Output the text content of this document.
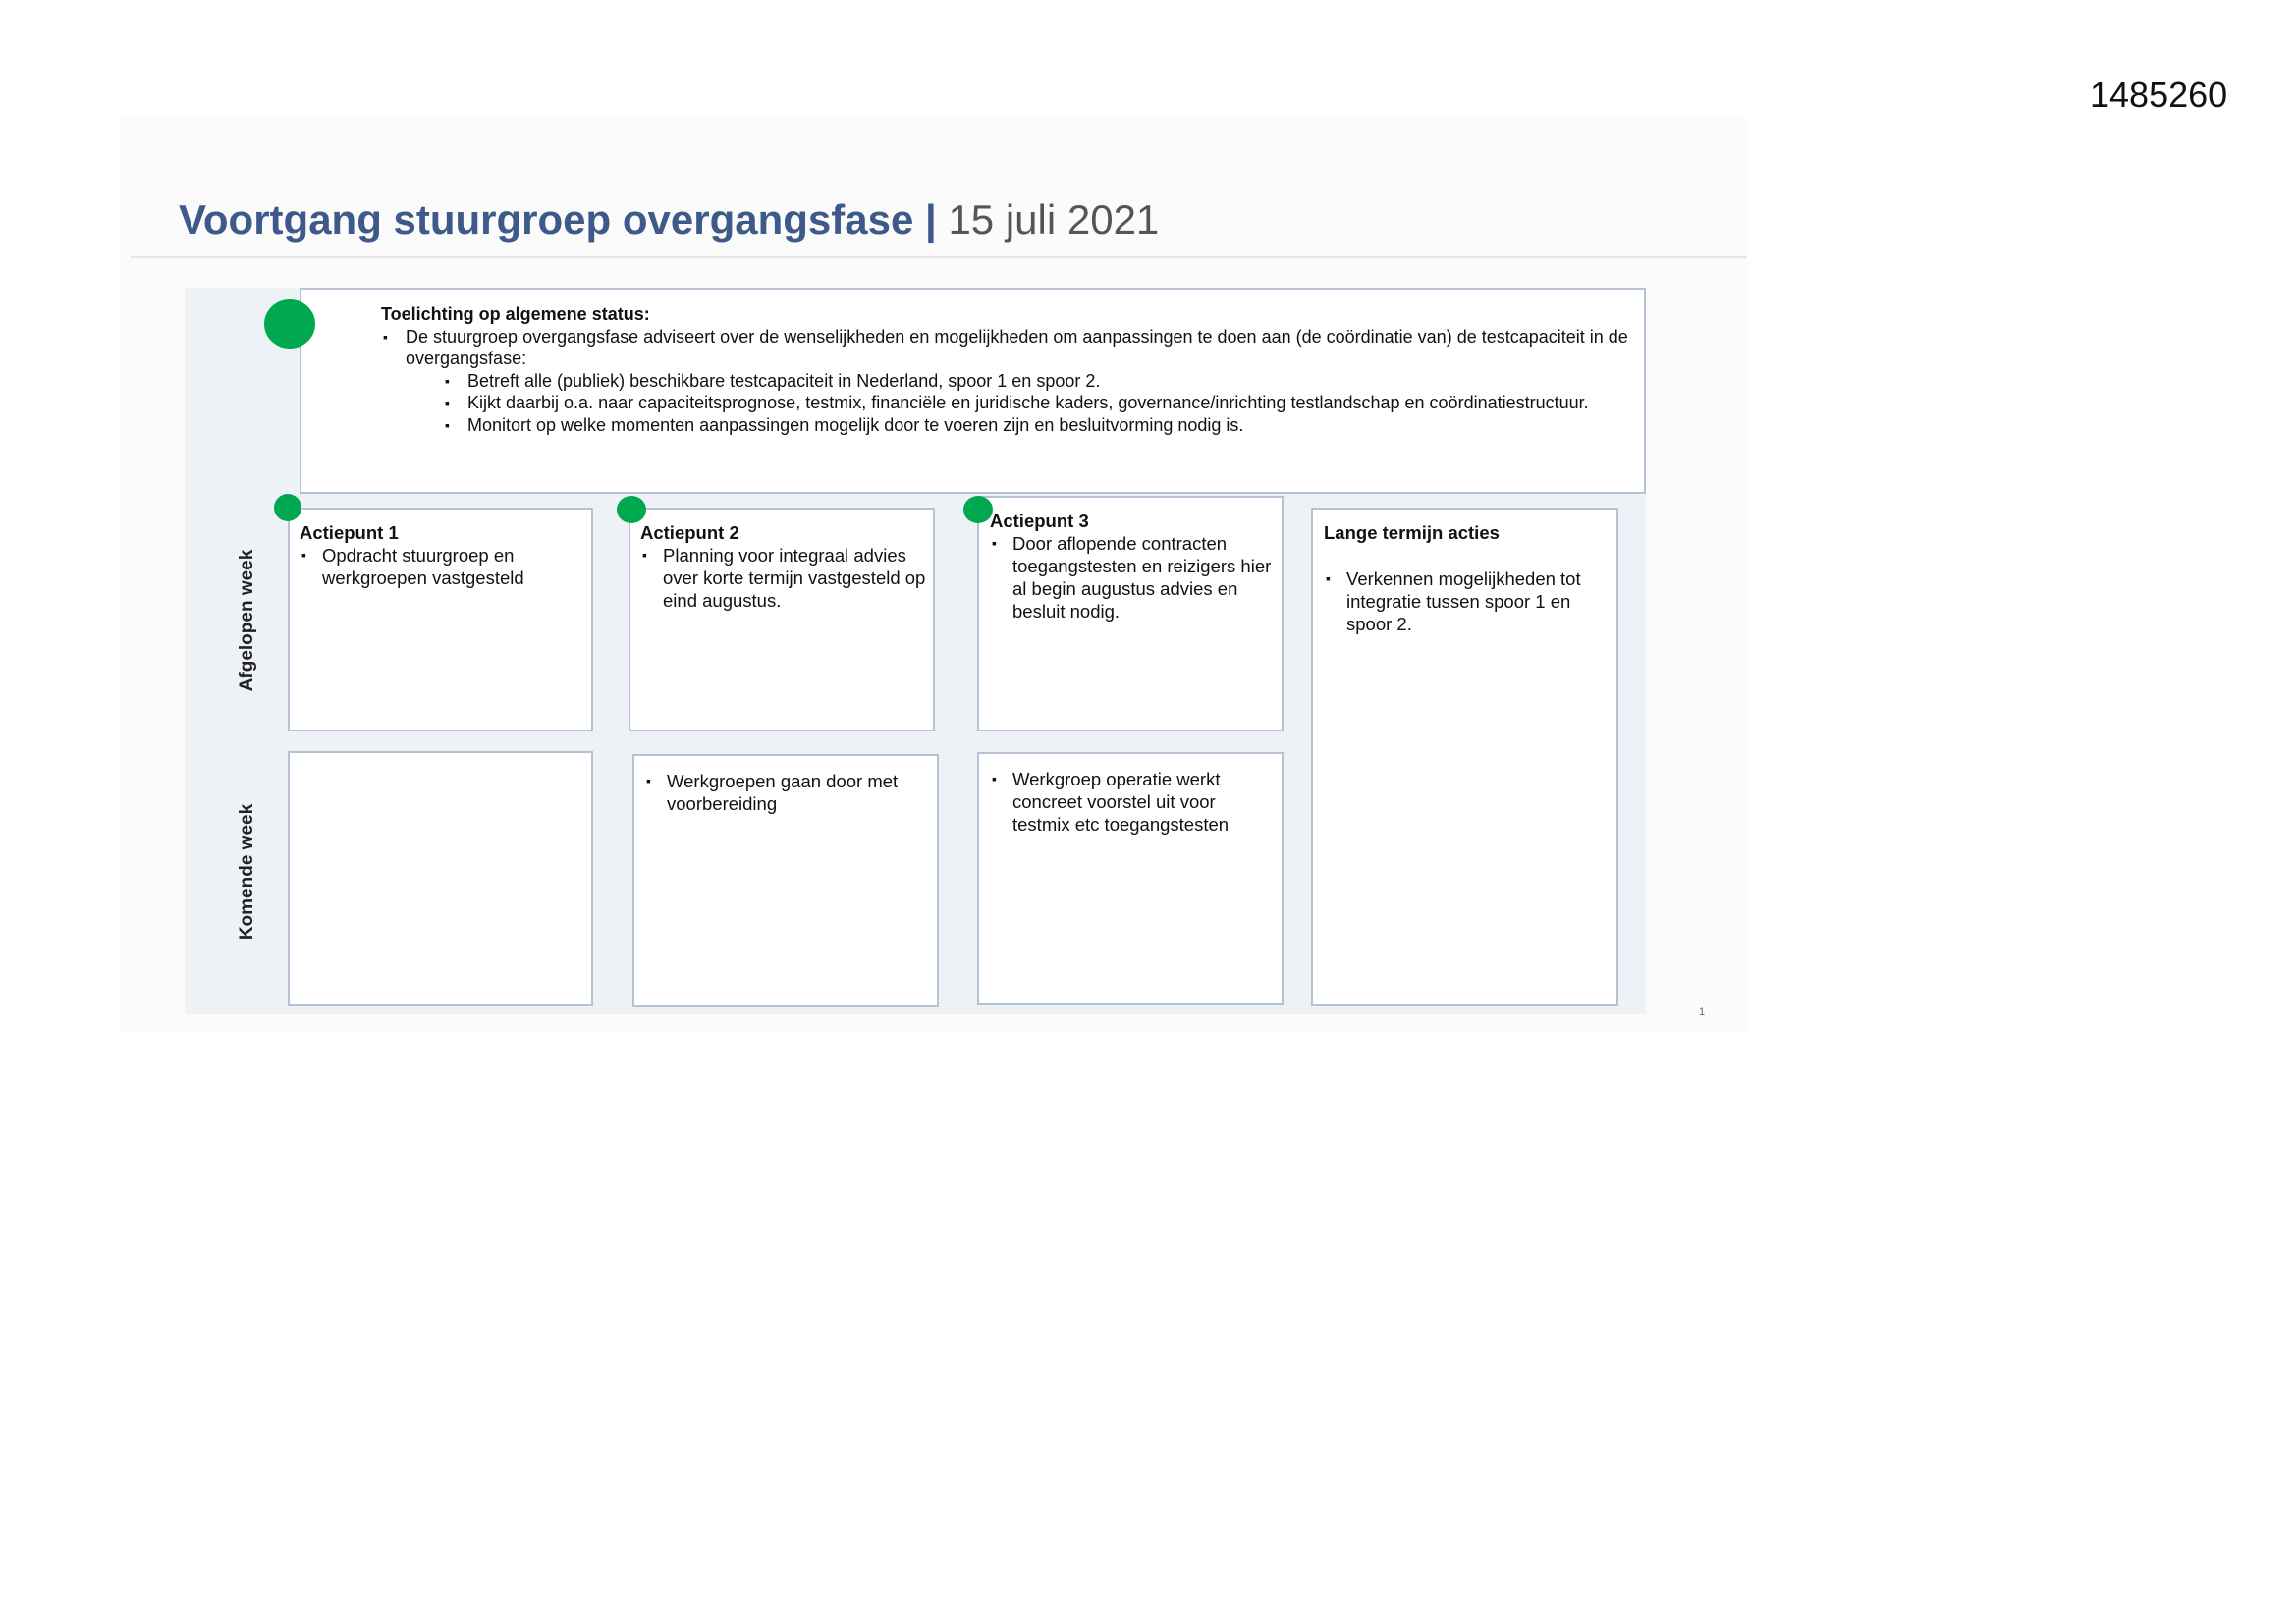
1485260
Voortgang stuurgroep overgangsfase | 15 juli 2021
Toelichting op algemene status:
▪ De stuurgroep overgangsfase adviseert over de wenselijkheden en mogelijkheden om aanpassingen te doen aan (de coördinatie van) de testcapaciteit in de overgangsfase:
▪ Betreft alle (publiek) beschikbare testcapaciteit in Nederland, spoor 1 en spoor 2.
▪ Kijkt daarbij o.a. naar capaciteitsprognose, testmix, financiële en juridische kaders, governance/inrichting testlandschap en coördinatiestructuur.
▪ Monitort op welke momenten aanpassingen mogelijk door te voeren zijn en besluitvorming nodig is.
Afgelopen week
Komende week
Actiepunt 1
▪ Opdracht stuurgroep en werkgroepen vastgesteld
Actiepunt 2
▪ Planning voor integraal advies over korte termijn vastgesteld op eind augustus.
▪ Werkgroepen gaan door met voorbereiding
Actiepunt 3
▪ Door aflopende contracten toegangstesten en reizigers hier al begin augustus advies en besluit nodig.
▪ Werkgroep operatie werkt concreet voorstel uit voor testmix etc toegangstesten
Lange termijn acties
▪ Verkennen mogelijkheden tot integratie tussen spoor 1 en spoor 2.
1
